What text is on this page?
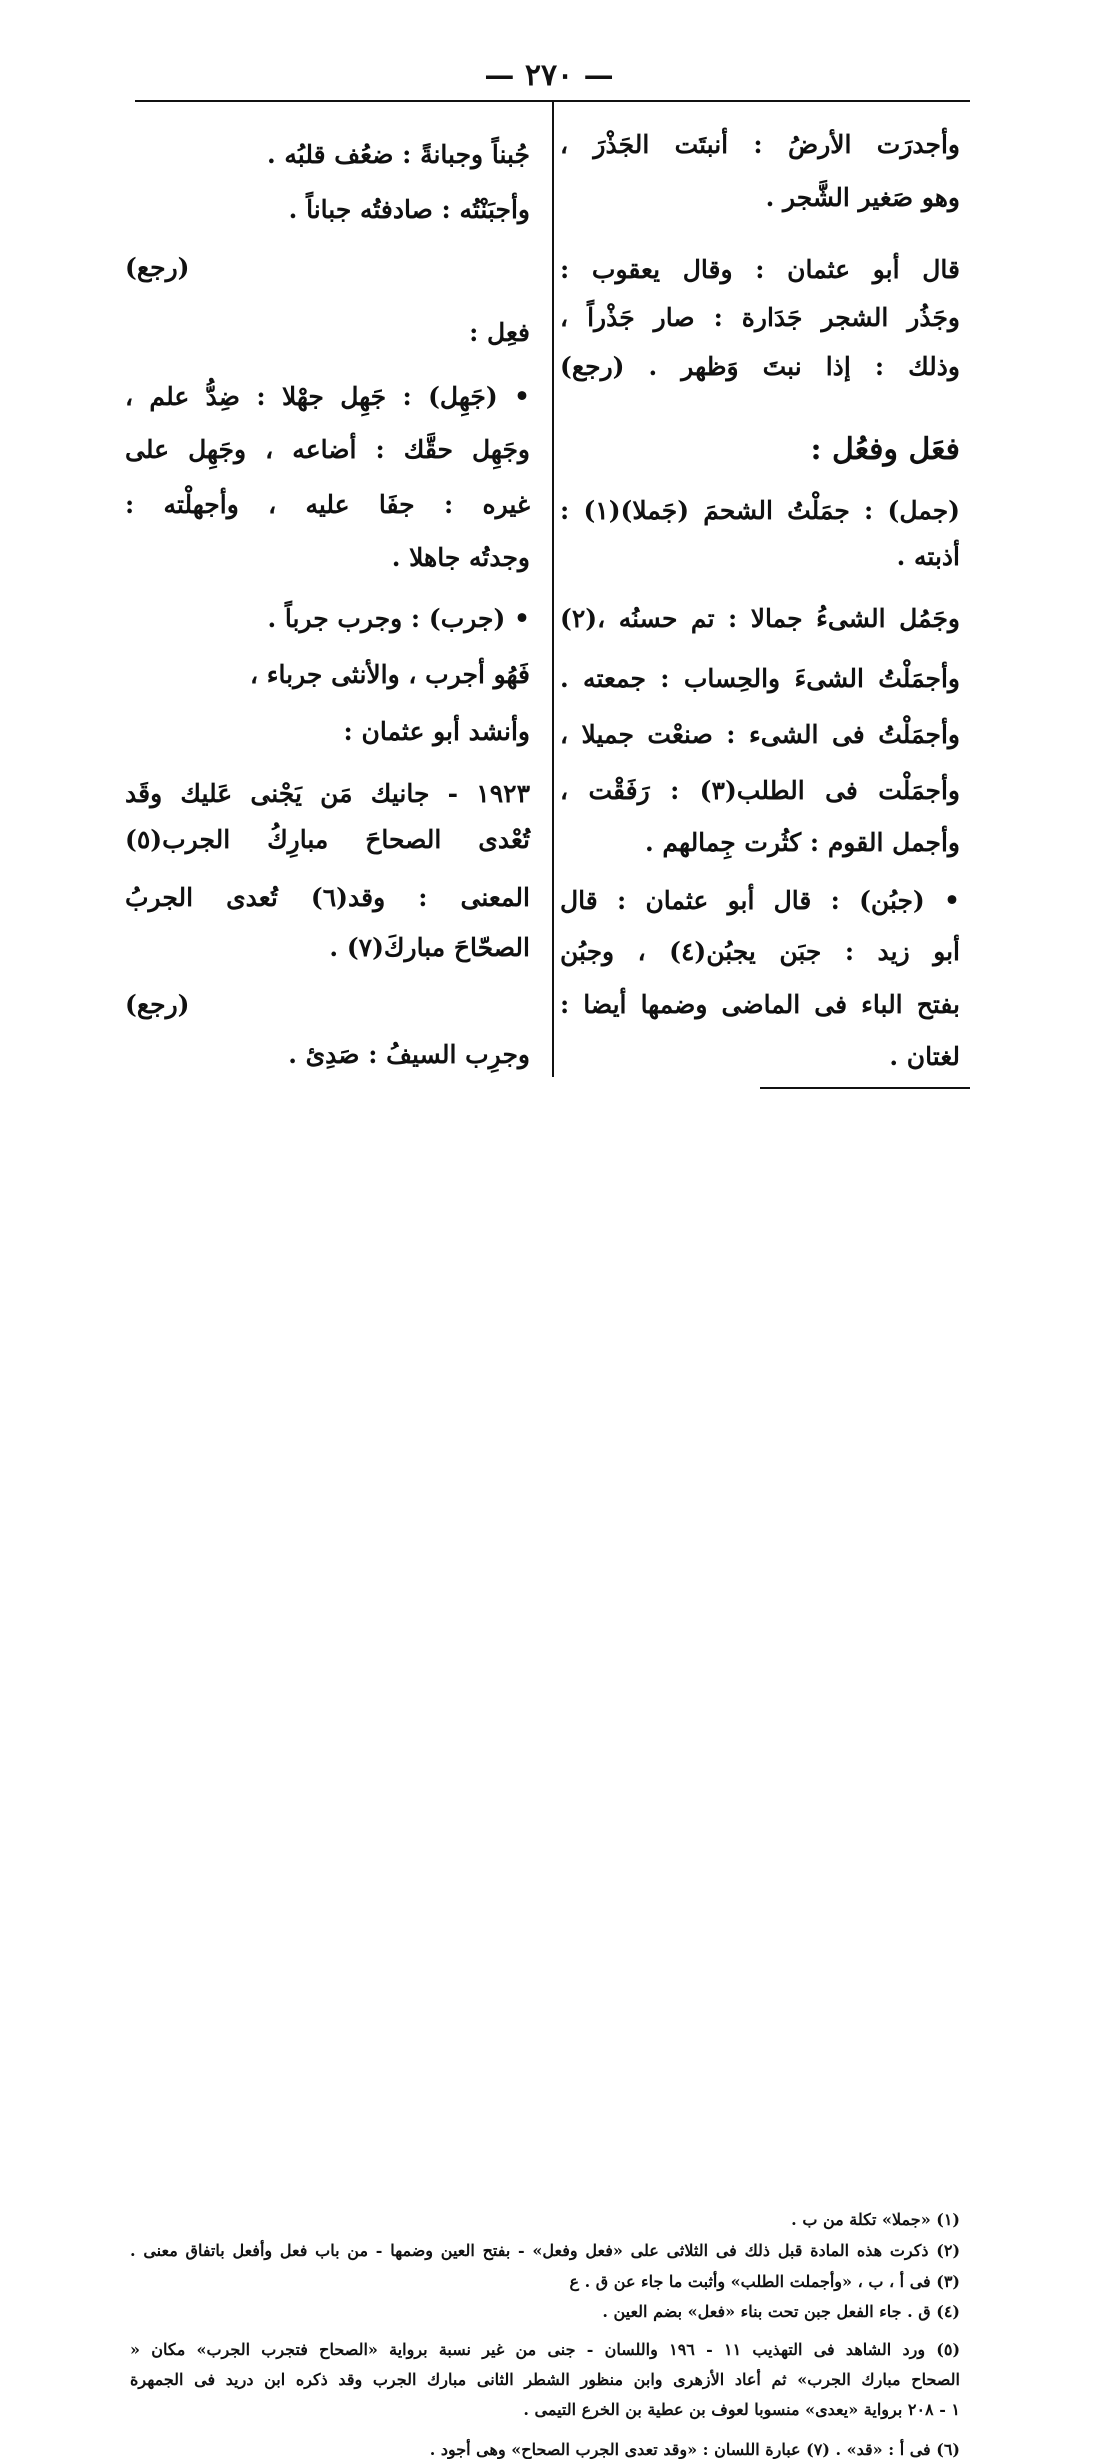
— ٢٧٠ —
وأجدرَت الأرضُ : أنبتَت الجَذْرَ ،
وهو صَغير الشَّجر .
قال أبو عثمان : وقال يعقوب :
وجَذُر الشجر جَدَارة : صار جَذْراً ،
وذلك : إذا نبتَ وَظهر . (رجع)
فعَل وفعُل :
(جمل) : جمَلْتُ الشحمَ (جَملا)(١) :
أذبته .
وجَمُل الشىءُ جمالا : تم حسنُه ،(٢)
وأجمَلْتُ الشىءَ والحِساب : جمعته .
وأجمَلْتُ فى الشىء : صنعْت جميلا ،
وأجمَلْت فى الطلب(٣) : رَفَقْت ،
وأجمل القوم : كثُرت جِمالهم .
• (جبُن) : قال أبو عثمان : قال
أبو زيد : جبَن يجبُن(٤) ، وجبُن
بفتح الباء فى الماضى وضمها أيضا :
لغتان .
جُبناً وجبانةً : ضعُف قلبُه .
وأجبَنْتُه : صادفتُه جباناً .
(رجع)
فعِل :
• (جَهِل) : جَهِل جهْلا : ضِدُّ علم ،
وجَهِل حقَّك : أضاعه ، وجَهِل على
غيره : جفَا عليه ، وأجهلْته :
وجدتُه جاهلا .
• (جرب) : وجرب جرباً .
فَهُو أجرب ، والأنثى جرباء ،
وأنشد أبو عثمان :
١٩٢٣ - جانيك مَن يَجْنى عَليك وقَد
تُعْدى الصحاحَ مبارِكُ الجرب(٥)
المعنى : وقد(٦) تُعدى الجربُ
الصحّاحَ مباركَ(٧) .
(رجع)
وجرِب السيفُ : صَدِئ .
(١) «جملا» تكلة من ب .
(٢) ذكرت هذه المادة قبل ذلك فى الثلاثى على «فعل وفعل» - بفتح العين وضمها - من باب فعل وأفعل باتفاق معنى .
(٣) فى أ ، ب ، «وأجملت الطلب» وأثبت ما جاء عن ق . ع
(٤) ق . جاء الفعل جبن تحت بناء «فعل» بضم العين .
(٥) ورد الشاهد فى التهذيب ١١ - ١٩٦ واللسان - جنى من غير نسبة برواية «الصحاح فتجرب الجرب» مكان «
الصحاح مبارك الجرب» ثم أعاد الأزهرى وابن منظور الشطر الثانى مبارك الجرب وقد ذكره ابن دريد فى الجمهرة
١ - ٢٠٨ برواية «يعدى» منسوبا لعوف بن عطية بن الخرع التيمى .
(٦) فى أ : «قد» . (٧) عبارة اللسان : «وقد تعدى الجرب الصحاح» وهى أجود .
